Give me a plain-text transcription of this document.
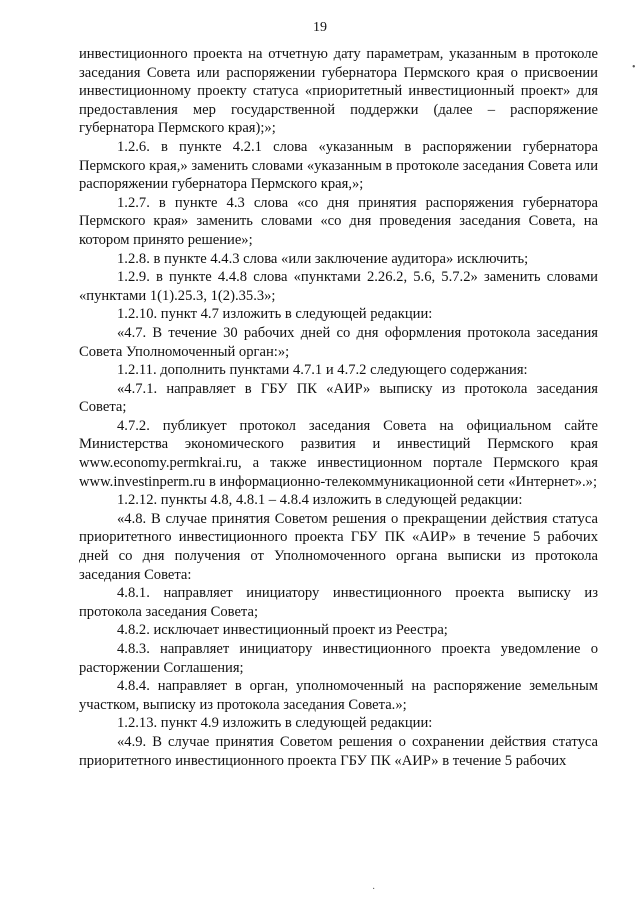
19

инвестиционного проекта на отчетную дату параметрам, указанным в протоколе заседания Совета или распоряжении губернатора Пермского края о присвоении инвестиционному проекту статуса «приоритетный инвестиционный проект» для предоставления мер государственной поддержки (далее – распоряжение губернатора Пермского края);»;

1.2.6. в пункте 4.2.1 слова «указанным в распоряжении губернатора Пермского края,» заменить словами «указанным в протоколе заседания Совета или распоряжении губернатора Пермского края,»;

1.2.7. в пункте 4.3 слова «со дня принятия распоряжения губернатора Пермского края» заменить словами «со дня проведения заседания Совета, на котором принято решение»;

1.2.8. в пункте 4.4.3 слова «или заключение аудитора» исключить;

1.2.9. в пункте 4.4.8 слова «пунктами 2.26.2, 5.6, 5.7.2» заменить словами «пунктами 1(1).25.3, 1(2).35.3»;

1.2.10. пункт 4.7 изложить в следующей редакции:

«4.7. В течение 30 рабочих дней со дня оформления протокола заседания Совета Уполномоченный орган:»;

1.2.11. дополнить пунктами 4.7.1 и 4.7.2 следующего содержания:

«4.7.1. направляет в ГБУ ПК «АИР» выписку из протокола заседания Совета;

4.7.2. публикует протокол заседания Совета на официальном сайте Министерства экономического развития и инвестиций Пермского края www.economy.permkrai.ru, а также инвестиционном портале Пермского края www.investinperm.ru в информационно-телекоммуникационной сети «Интернет».»;

1.2.12. пункты 4.8, 4.8.1 – 4.8.4 изложить в следующей редакции:

«4.8. В случае принятия Советом решения о прекращении действия статуса приоритетного инвестиционного проекта ГБУ ПК «АИР» в течение 5 рабочих дней со дня получения от Уполномоченного органа выписки из протокола заседания Совета:

4.8.1. направляет инициатору инвестиционного проекта выписку из протокола заседания Совета;

4.8.2. исключает инвестиционный проект из Реестра;

4.8.3. направляет инициатору инвестиционного проекта уведомление о расторжении Соглашения;

4.8.4. направляет в орган, уполномоченный на распоряжение земельным участком, выписку из протокола заседания Совета.»;

1.2.13. пункт 4.9 изложить в следующей редакции:

«4.9. В случае принятия Советом решения о сохранении действия статуса приоритетного инвестиционного проекта ГБУ ПК «АИР» в течение 5 рабочих

•
·
